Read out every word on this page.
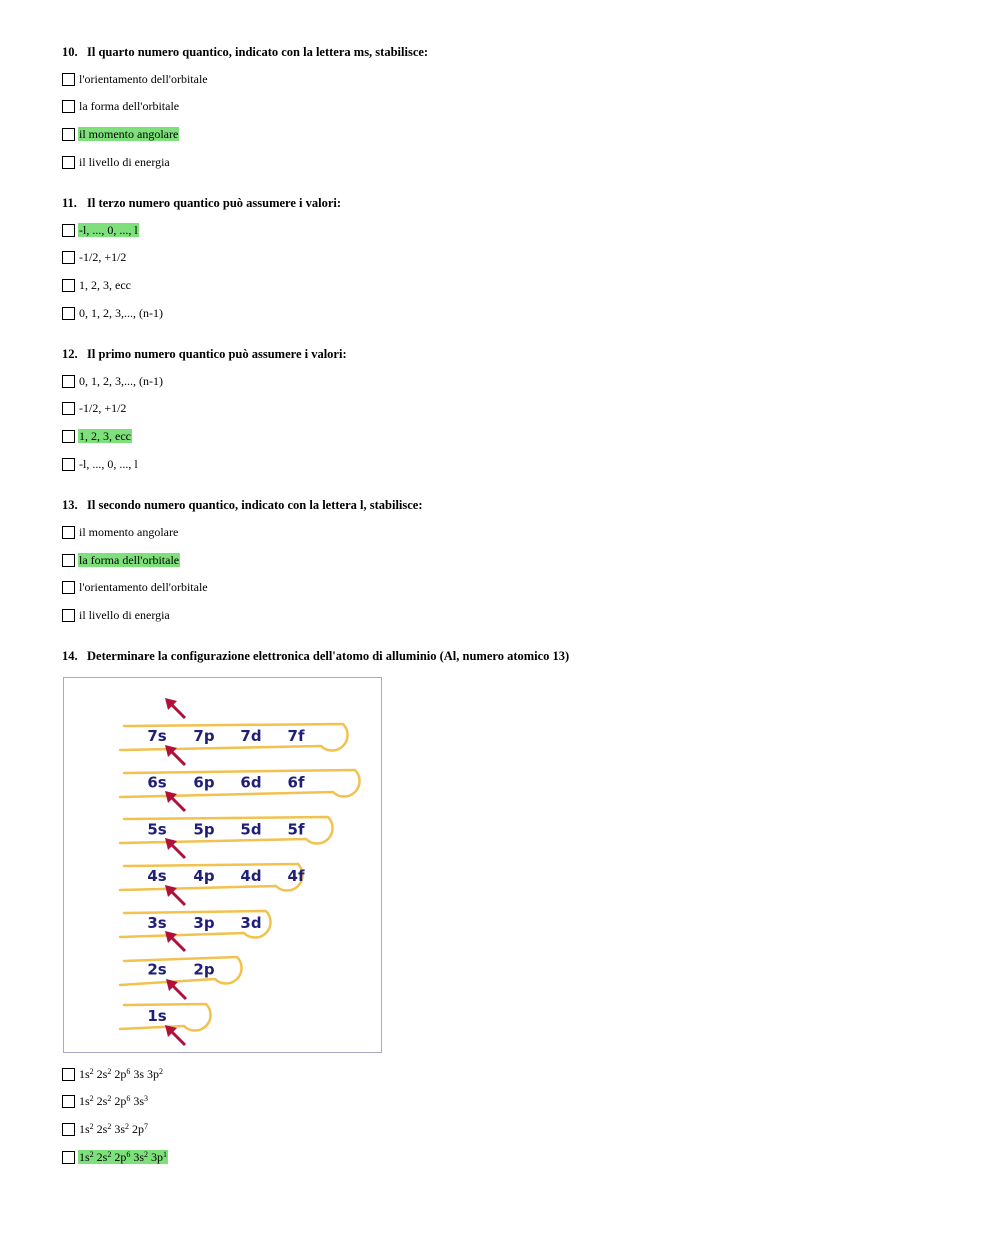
10. Il quarto numero quantico, indicato con la lettera ms, stabilisce:
l'orientamento dell'orbitale
la forma dell'orbitale
il momento angolare
il livello di energia
11. Il terzo numero quantico può assumere i valori:
-l, ..., 0, ..., l
-1/2, +1/2
1, 2, 3, ecc
0, 1, 2, 3,..., (n-1)
12. Il primo numero quantico può assumere i valori:
0, 1, 2, 3,..., (n-1)
-1/2, +1/2
1, 2, 3, ecc
-l, ..., 0, ..., l
13. Il secondo numero quantico, indicato con la lettera l, stabilisce:
il momento angolare
la forma dell'orbitale
l'orientamento dell'orbitale
il livello di energia
14. Determinare la configurazione elettronica dell'atomo di alluminio (Al, numero atomico 13)
7s 7p 7d 7f
6s 6p 6d 6f
5s 5p 5d 5f
4s 4p 4d 4f
3s 3p 3d
2s 2p
1s
$1s^2$ $2s^2$ $2p^6$ 3s $3p^2$
$1s^2$ $2s^2$ $2p^6$ $3s^3$
$1s^2$ $2s^2$ $3s^2$ $2p^7$
$1s^2$ $2s^2$ $2p^6$ $3s^2$ $3p^1$
